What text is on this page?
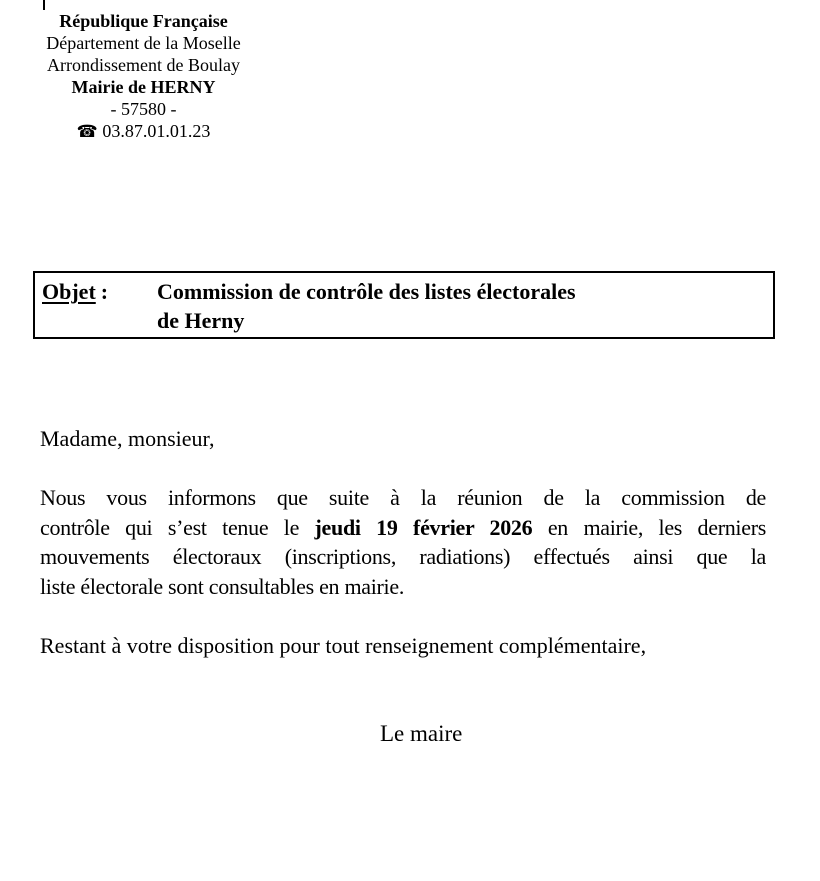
République Française
Département de la Moselle
Arrondissement de Boulay
Mairie de HERNY
- 57580 -
☎ 03.87.01.01.23
Objet :	Commission de contrôle des listes électorales
de Herny
Madame, monsieur,
Nous vous informons que suite à la réunion de la commission de
contrôle qui s’est tenue le jeudi 19 février 2026 en mairie, les derniers
mouvements électoraux (inscriptions, radiations) effectués ainsi que la
liste électorale sont consultables en mairie.
Restant à votre disposition pour tout renseignement complémentaire,
Le maire
